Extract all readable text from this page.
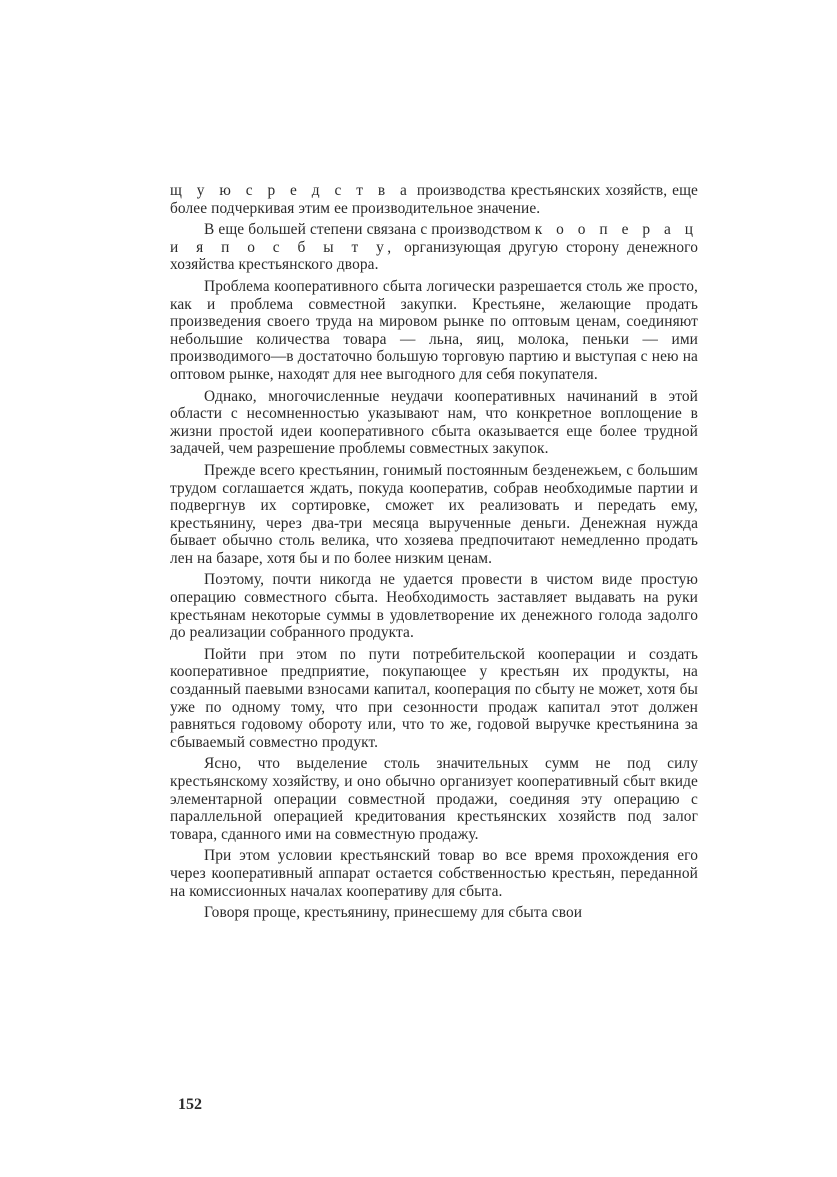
щ у ю с р е д с т в а производства крестьянских хозяйств, еще более подчеркивая этим ее производительное значение.

В еще большей степени связана с производством к о о п е р а ц и я п о с б ы т у, организующая другую сторону денежного хозяйства крестьянского двора.

Проблема кооперативного сбыта логически разрешается столь же просто, как и проблема совместной закупки. Крестьяне, желающие продать произведения своего труда на мировом рынке по оптовым ценам, соединяют небольшие количества товара — льна, яиц, молока, пеньки — ими производимого—в достаточно большую торговую партию и выступая с нею на оптовом рынке, находят для нее выгодного для себя покупателя.

Однако, многочисленные неудачи кооперативных начинаний в этой области с несомненностью указывают нам, что конкретное воплощение в жизни простой идеи кооперативного сбыта оказывается еще более трудной задачей, чем разрешение проблемы совместных закупок.

Прежде всего крестьянин, гонимый постоянным безденежьем, с большим трудом соглашается ждать, покуда кооператив, собрав необходимые партии и подвергнув их сортировке, сможет их реализовать и передать ему, крестьянину, через два-три месяца вырученные деньги. Денежная нужда бывает обычно столь велика, что хозяева предпочитают немедленно продать лен на базаре, хотя бы и по более низким ценам.

Поэтому, почти никогда не удается провести в чистом виде простую операцию совместного сбыта. Необходимость заставляет выдавать на руки крестьянам некоторые суммы в удовлетворение их денежного голода задолго до реализации собранного продукта.

Пойти при этом по пути потребительской кооперации и создать кооперативное предприятие, покупающее у крестьян их продукты, на созданный паевыми взносами капитал, кооперация по сбыту не может, хотя бы уже по одному тому, что при сезонности продаж капитал этот должен равняться годовому обороту или, что то же, годовой выручке крестьянина за сбываемый совместно продукт.

Ясно, что выделение столь значительных сумм не под силу крестьянскому хозяйству, и оно обычно организует кооперативный сбыт вкиде элементарной операции совместной продажи, соединяя эту операцию с параллельной операцией кредитования крестьянских хозяйств под залог товара, сданного ими на совместную продажу.

При этом условии крестьянский товар во все время прохождения его через кооперативный аппарат остается собственностью крестьян, переданной на комиссионных началах кооперативу для сбыта.

Говоря проще, крестьянину, принесшему для сбыта свои

152
